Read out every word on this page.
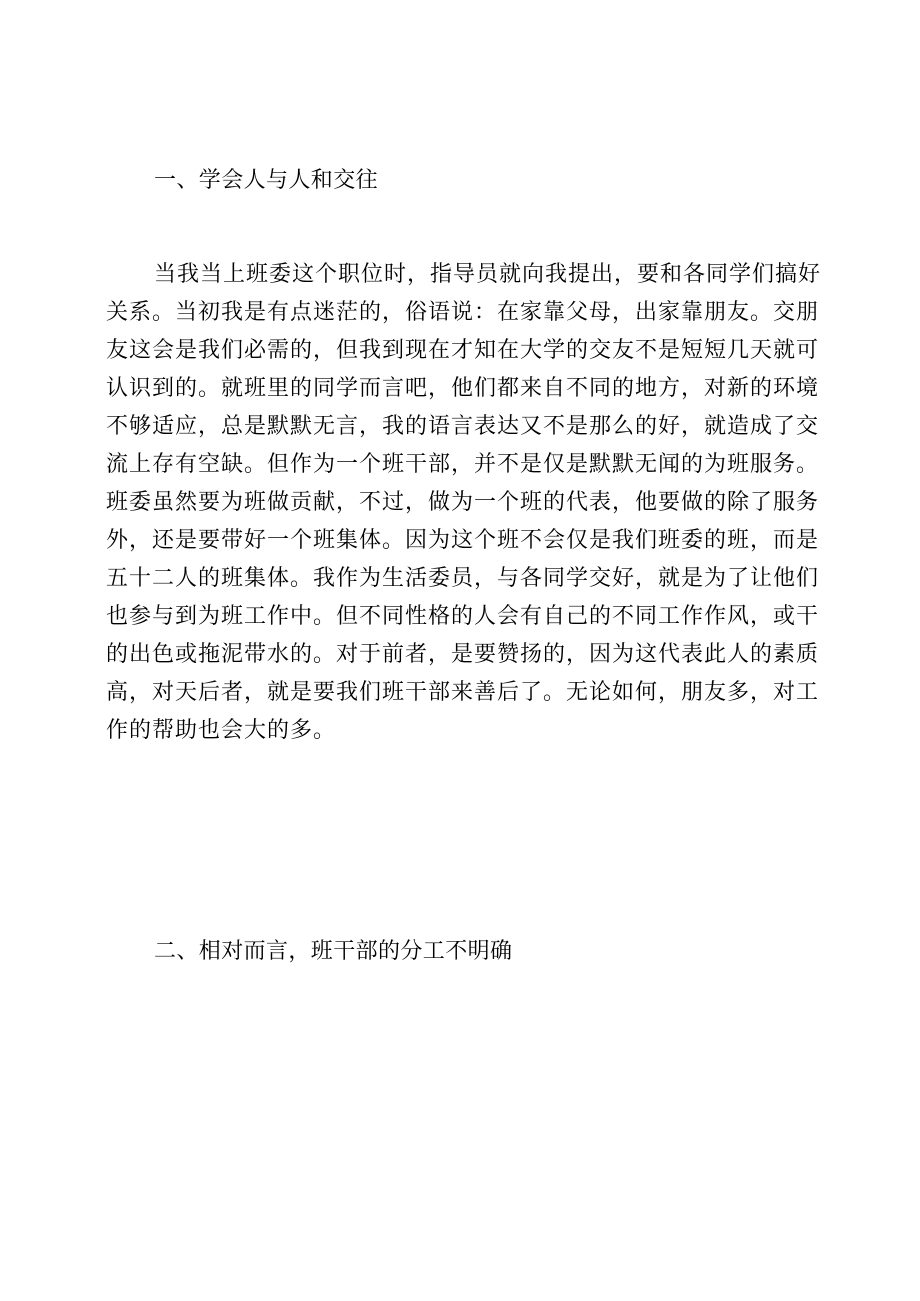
一、学会人与人和交往
当我当上班委这个职位时，指导员就向我提出，要和各同学们搞好
关系。当初我是有点迷茫的，俗语说：在家靠父母，出家靠朋友。交朋
友这会是我们必需的，但我到现在才知在大学的交友不是短短几天就可
认识到的。就班里的同学而言吧，他们都来自不同的地方，对新的环境
不够适应，总是默默无言，我的语言表达又不是那么的好，就造成了交
流上存有空缺。但作为一个班干部，并不是仅是默默无闻的为班服务。
班委虽然要为班做贡献，不过，做为一个班的代表，他要做的除了服务
外，还是要带好一个班集体。因为这个班不会仅是我们班委的班，而是
五十二人的班集体。我作为生活委员，与各同学交好，就是为了让他们
也参与到为班工作中。但不同性格的人会有自己的不同工作作风，或干
的出色或拖泥带水的。对于前者，是要赞扬的，因为这代表此人的素质
高，对天后者，就是要我们班干部来善后了。无论如何，朋友多，对工
作的帮助也会大的多。
二、相对而言，班干部的分工不明确
